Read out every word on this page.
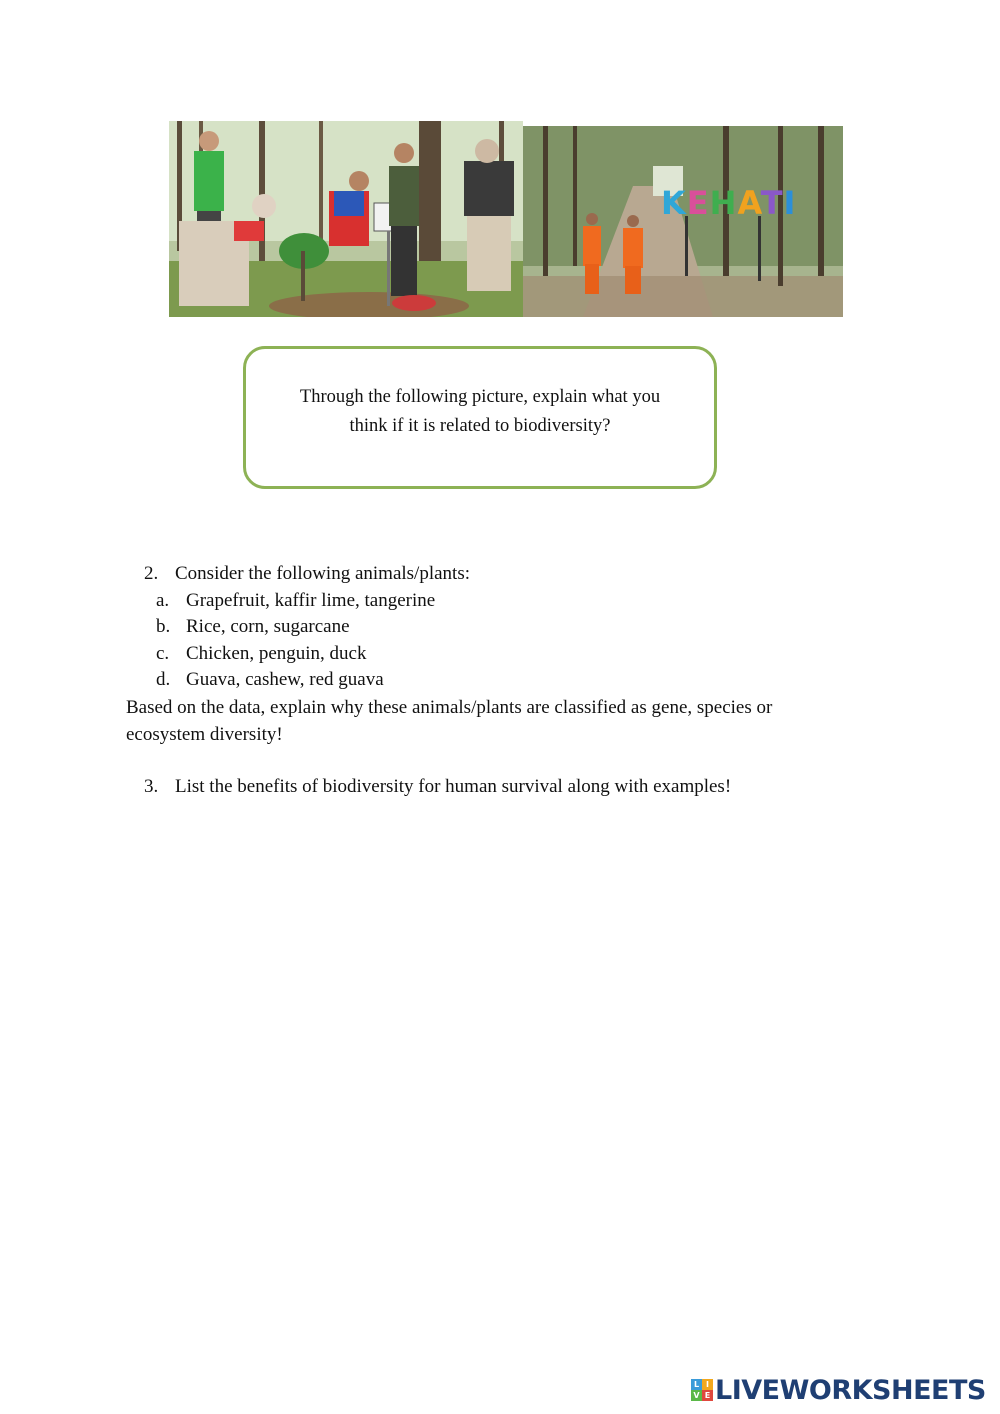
KEHATI
Through the following picture, explain what you
think if it is related to biodiversity?
2. Consider the following animals/plants:
a. Grapefruit, kaffir lime, tangerine
b. Rice, corn, sugarcane
c. Chicken, penguin, duck
d. Guava, cashew, red guava
Based on the data, explain why these animals/plants are classified as gene, species or ecosystem diversity!
3. List the benefits of biodiversity for human survival along with examples!
L I
V E LIVEWORKSHEETS
